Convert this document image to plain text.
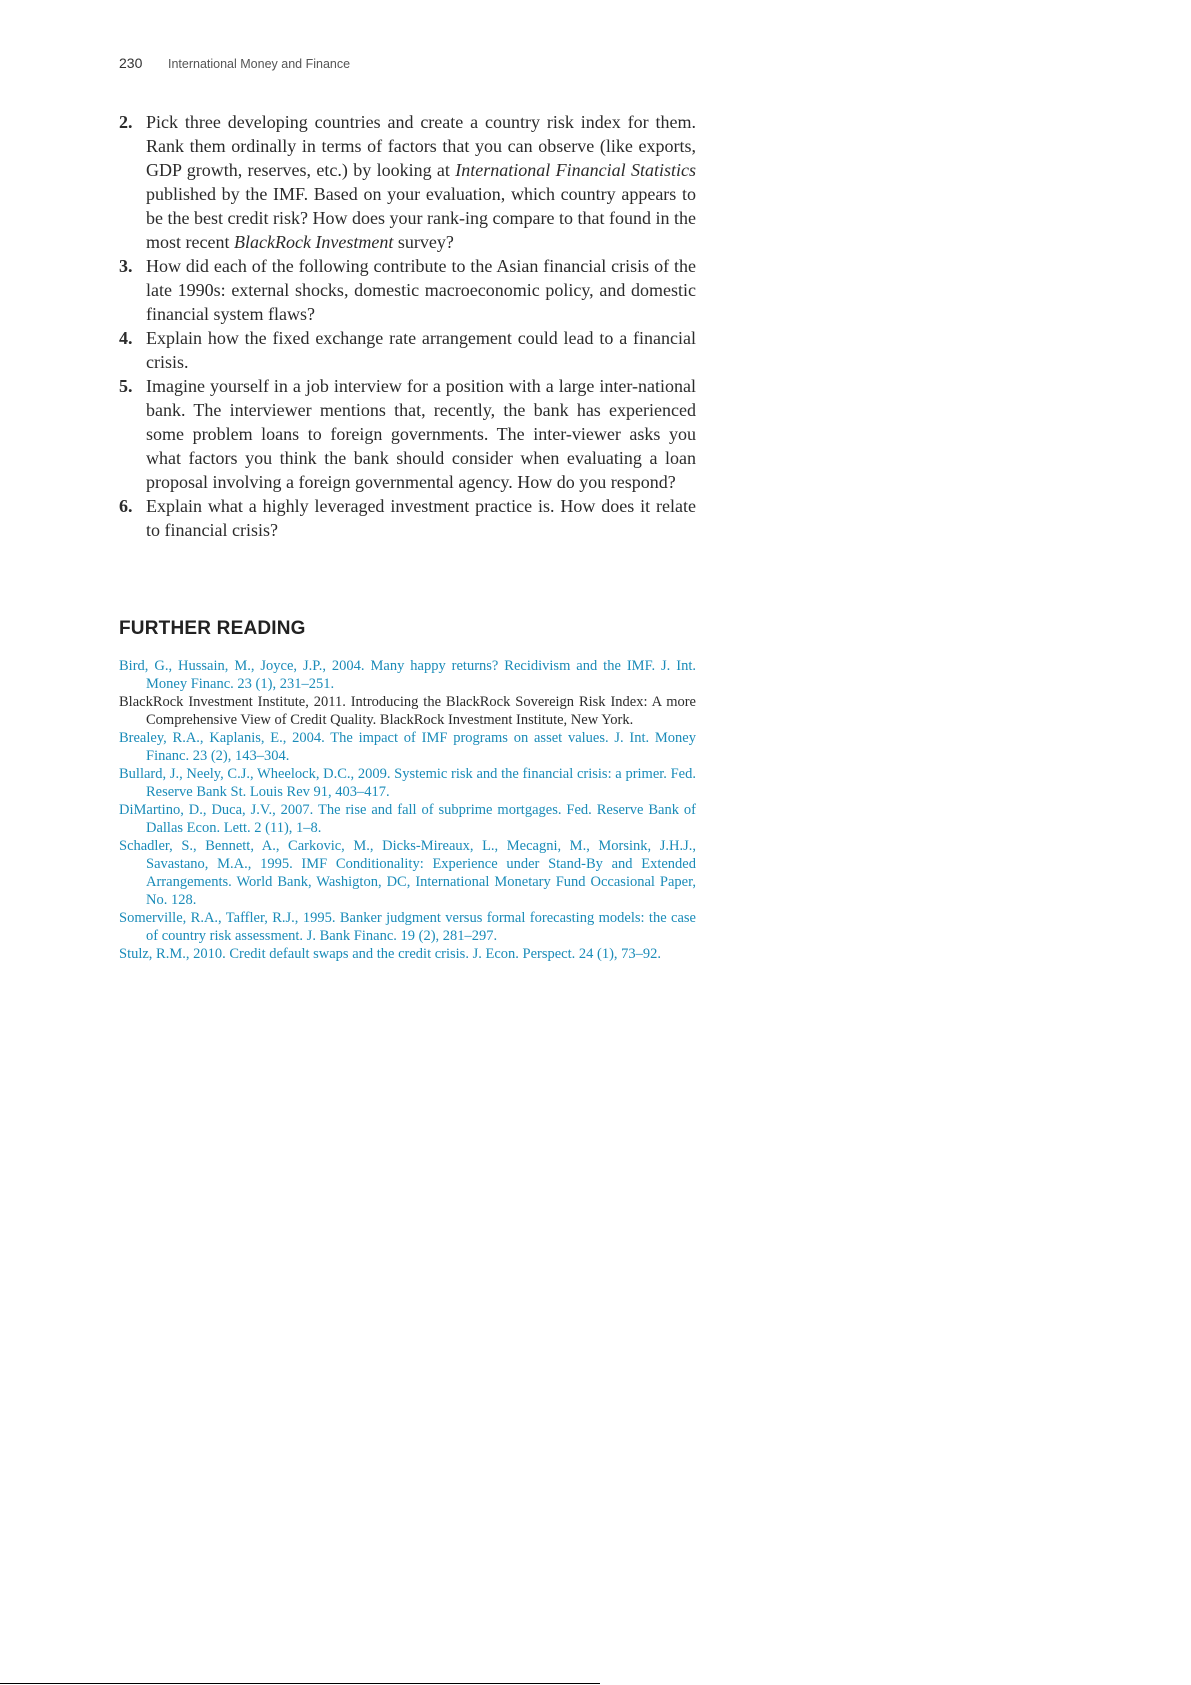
230 International Money and Finance
2. Pick three developing countries and create a country risk index for them. Rank them ordinally in terms of factors that you can observe (like exports, GDP growth, reserves, etc.) by looking at International Financial Statistics published by the IMF. Based on your evaluation, which country appears to be the best credit risk? How does your rank-ing compare to that found in the most recent BlackRock Investment survey?
3. How did each of the following contribute to the Asian financial crisis of the late 1990s: external shocks, domestic macroeconomic policy, and domestic financial system flaws?
4. Explain how the fixed exchange rate arrangement could lead to a financial crisis.
5. Imagine yourself in a job interview for a position with a large inter-national bank. The interviewer mentions that, recently, the bank has experienced some problem loans to foreign governments. The inter-viewer asks you what factors you think the bank should consider when evaluating a loan proposal involving a foreign governmental agency. How do you respond?
6. Explain what a highly leveraged investment practice is. How does it relate to financial crisis?
FURTHER READING
Bird, G., Hussain, M., Joyce, J.P., 2004. Many happy returns? Recidivism and the IMF. J. Int. Money Financ. 23 (1), 231–251.
BlackRock Investment Institute, 2011. Introducing the BlackRock Sovereign Risk Index: A more Comprehensive View of Credit Quality. BlackRock Investment Institute, New York.
Brealey, R.A., Kaplanis, E., 2004. The impact of IMF programs on asset values. J. Int. Money Financ. 23 (2), 143–304.
Bullard, J., Neely, C.J., Wheelock, D.C., 2009. Systemic risk and the financial crisis: a primer. Fed. Reserve Bank St. Louis Rev 91, 403–417.
DiMartino, D., Duca, J.V., 2007. The rise and fall of subprime mortgages. Fed. Reserve Bank of Dallas Econ. Lett. 2 (11), 1–8.
Schadler, S., Bennett, A., Carkovic, M., Dicks-Mireaux, L., Mecagni, M., Morsink, J.H.J., Savastano, M.A., 1995. IMF Conditionality: Experience under Stand-By and Extended Arrangements. World Bank, Washigton, DC, International Monetary Fund Occasional Paper, No. 128.
Somerville, R.A., Taffler, R.J., 1995. Banker judgment versus formal forecasting models: the case of country risk assessment. J. Bank Financ. 19 (2), 281–297.
Stulz, R.M., 2010. Credit default swaps and the credit crisis. J. Econ. Perspect. 24 (1), 73–92.
